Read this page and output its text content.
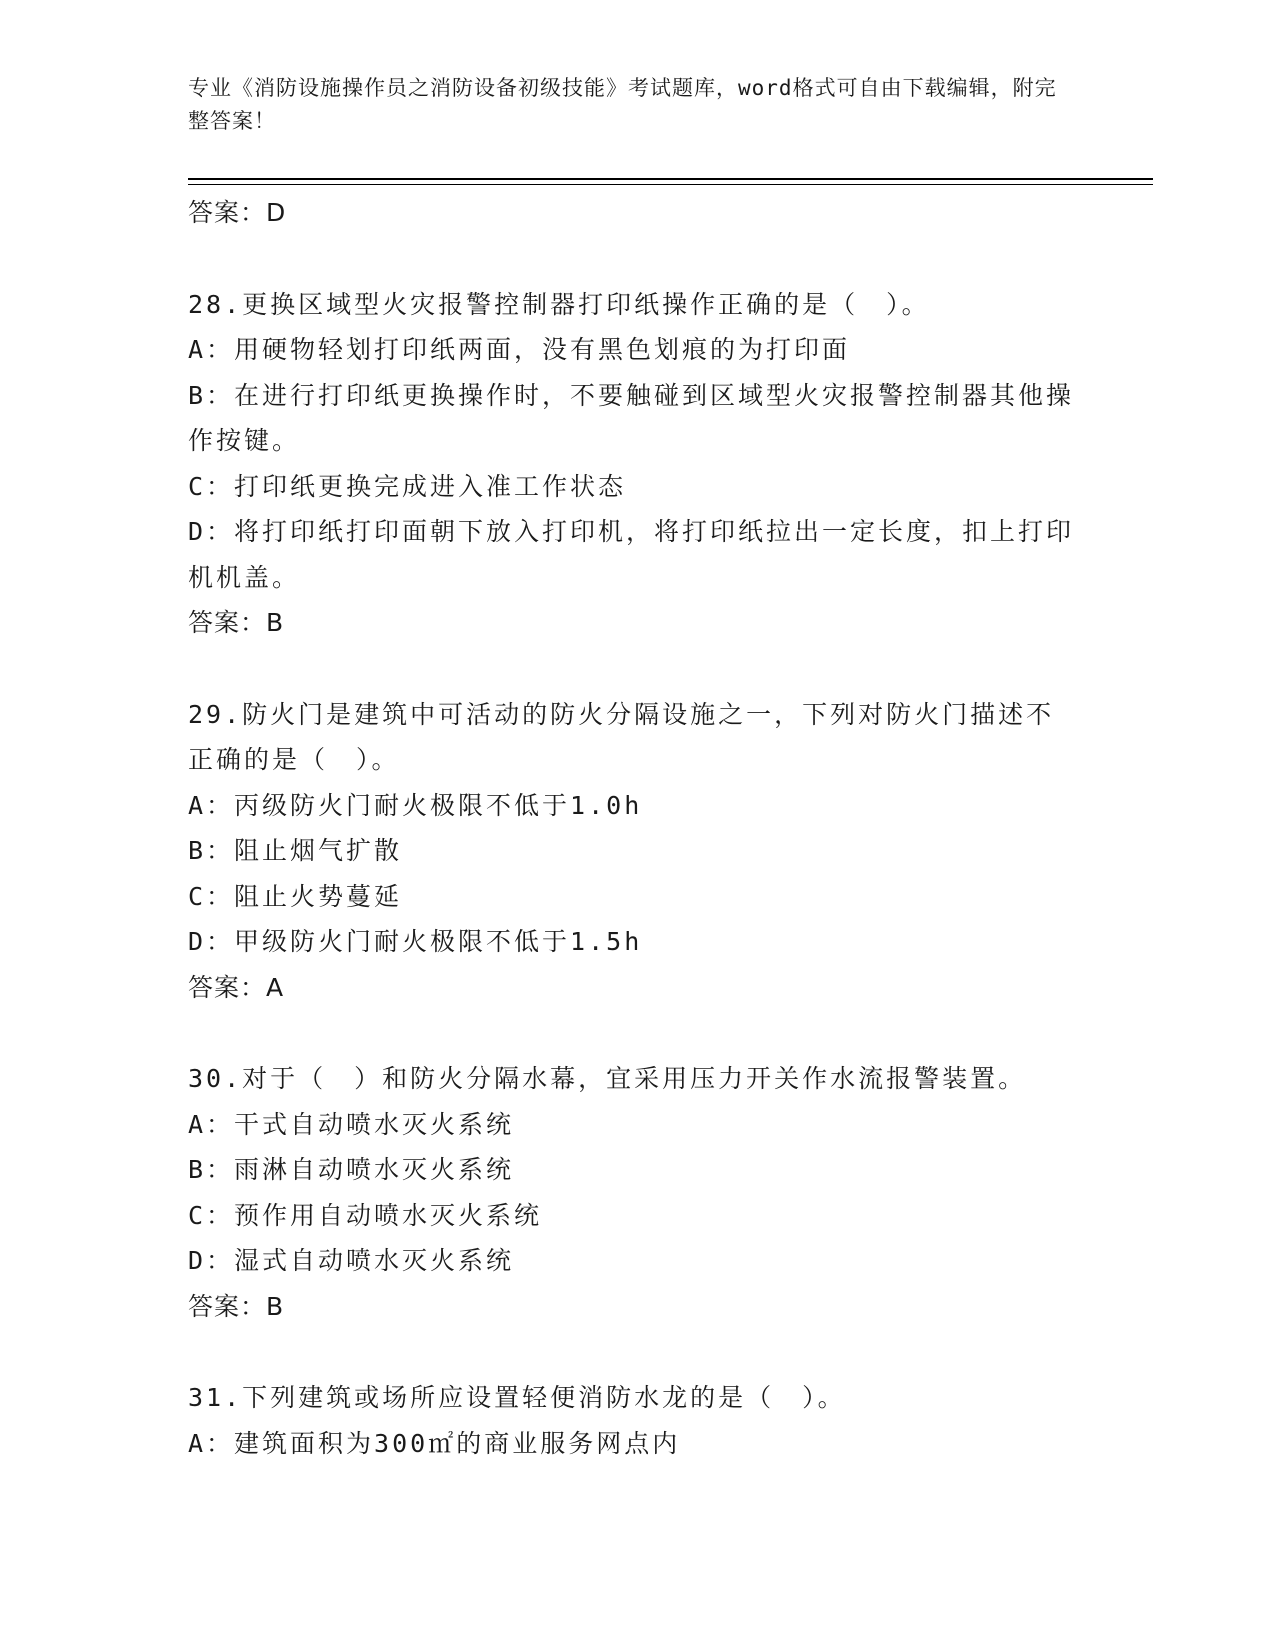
专业《消防设施操作员之消防设备初级技能》考试题库，word格式可自由下载编辑，附完整答案！
答案：D
28.更换区域型火灾报警控制器打印纸操作正确的是（　）。
A：用硬物轻划打印纸两面，没有黑色划痕的为打印面
B：在进行打印纸更换操作时，不要触碰到区域型火灾报警控制器其他操作按键。
C：打印纸更换完成进入准工作状态
D：将打印纸打印面朝下放入打印机，将打印纸拉出一定长度，扣上打印机机盖。
答案：B
29.防火门是建筑中可活动的防火分隔设施之一，下列对防火门描述不正确的是（　）。
A：丙级防火门耐火极限不低于1.0h
B：阻止烟气扩散
C：阻止火势蔓延
D：甲级防火门耐火极限不低于1.5h
答案：A
30.对于（　）和防火分隔水幕，宜采用压力开关作水流报警装置。
A：干式自动喷水灭火系统
B：雨淋自动喷水灭火系统
C：预作用自动喷水灭火系统
D：湿式自动喷水灭火系统
答案：B
31.下列建筑或场所应设置轻便消防水龙的是（　）。
A：建筑面积为300㎡的商业服务网点内
